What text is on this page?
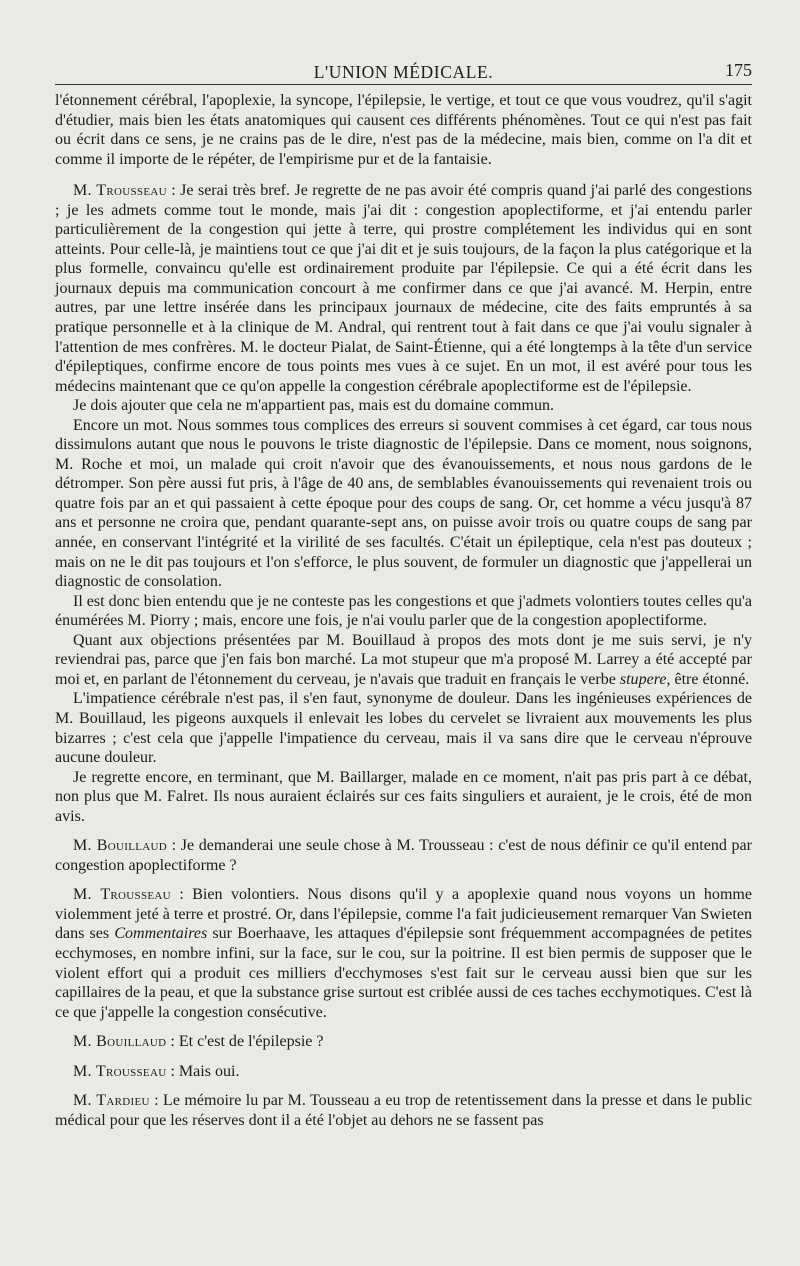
L'UNION MÉDICALE.	175

l'étonnement cérébral, l'apoplexie, la syncope, l'épilepsie, le vertige, et tout ce que vous voudrez, qu'il s'agit d'étudier, mais bien les états anatomiques qui causent ces différents phénomènes. Tout ce qui n'est pas fait ou écrit dans ce sens, je ne crains pas de le dire, n'est pas de la médecine, mais bien, comme on l'a dit et comme il importe de le répéter, de l'empirisme pur et de la fantaisie.

M. Trousseau : Je serai très bref. Je regrette de ne pas avoir été compris quand j'ai parlé des congestions ; je les admets comme tout le monde, mais j'ai dit : congestion apoplectiforme, et j'ai entendu parler particulièrement de la congestion qui jette à terre, qui prostre complétement les individus qui en sont atteints. Pour celle-là, je maintiens tout ce que j'ai dit et je suis toujours, de la façon la plus catégorique et la plus formelle, convaincu qu'elle est ordinairement produite par l'épilepsie. Ce qui a été écrit dans les journaux depuis ma communication concourt à me confirmer dans ce que j'ai avancé. M. Herpin, entre autres, par une lettre insérée dans les principaux journaux de médecine, cite des faits empruntés à sa pratique personnelle et à la clinique de M. Andral, qui rentrent tout à fait dans ce que j'ai voulu signaler à l'attention de mes confrères. M. le docteur Pialat, de Saint-Étienne, qui a été longtemps à la tête d'un service d'épileptiques, confirme encore de tous points mes vues à ce sujet. En un mot, il est avéré pour tous les médecins maintenant que ce qu'on appelle la congestion cérébrale apoplectiforme est de l'épilepsie.

Je dois ajouter que cela ne m'appartient pas, mais est du domaine commun.

Encore un mot. Nous sommes tous complices des erreurs si souvent commises à cet égard, car tous nous dissimulons autant que nous le pouvons le triste diagnostic de l'épilepsie. Dans ce moment, nous soignons, M. Roche et moi, un malade qui croit n'avoir que des évanouissements, et nous nous gardons de le détromper. Son père aussi fut pris, à l'âge de 40 ans, de semblables évanouissements qui revenaient trois ou quatre fois par an et qui passaient à cette époque pour des coups de sang. Or, cet homme a vécu jusqu'à 87 ans et personne ne croira que, pendant quarante-sept ans, on puisse avoir trois ou quatre coups de sang par année, en conservant l'intégrité et la virilité de ses facultés. C'était un épileptique, cela n'est pas douteux ; mais on ne le dit pas toujours et l'on s'efforce, le plus souvent, de formuler un diagnostic que j'appellerai un diagnostic de consolation.

Il est donc bien entendu que je ne conteste pas les congestions et que j'admets volontiers toutes celles qu'a énumérées M. Piorry ; mais, encore une fois, je n'ai voulu parler que de la congestion apoplectiforme.

Quant aux objections présentées par M. Bouillaud à propos des mots dont je me suis servi, je n'y reviendrai pas, parce que j'en fais bon marché. La mot stupeur que m'a proposé M. Larrey a été accepté par moi et, en parlant de l'étonnement du cerveau, je n'avais que traduit en français le verbe stupere, être étonné.

L'impatience cérébrale n'est pas, il s'en faut, synonyme de douleur. Dans les ingénieuses expériences de M. Bouillaud, les pigeons auxquels il enlevait les lobes du cervelet se livraient aux mouvements les plus bizarres ; c'est cela que j'appelle l'impatience du cerveau, mais il va sans dire que le cerveau n'éprouve aucune douleur.

Je regrette encore, en terminant, que M. Baillarger, malade en ce moment, n'ait pas pris part à ce débat, non plus que M. Falret. Ils nous auraient éclairés sur ces faits singuliers et auraient, je le crois, été de mon avis.

M. Bouillaud : Je demanderai une seule chose à M. Trousseau : c'est de nous définir ce qu'il entend par congestion apoplectiforme ?

M. Trousseau : Bien volontiers. Nous disons qu'il y a apoplexie quand nous voyons un homme violemment jeté à terre et prostré. Or, dans l'épilepsie, comme l'a fait judicieusement remarquer Van Swieten dans ses Commentaires sur Boerhaave, les attaques d'épilepsie sont fréquemment accompagnées de petites ecchymoses, en nombre infini, sur la face, sur le cou, sur la poitrine. Il est bien permis de supposer que le violent effort qui a produit ces milliers d'ecchymoses s'est fait sur le cerveau aussi bien que sur les capillaires de la peau, et que la substance grise surtout est criblée aussi de ces taches ecchymotiques. C'est là ce que j'appelle la congestion consécutive.

M. Bouillaud : Et c'est de l'épilepsie ?

M. Trousseau : Mais oui.

M. Tardieu : Le mémoire lu par M. Tousseau a eu trop de retentissement dans la presse et dans le public médical pour que les réserves dont il a été l'objet au dehors ne se fassent pas
